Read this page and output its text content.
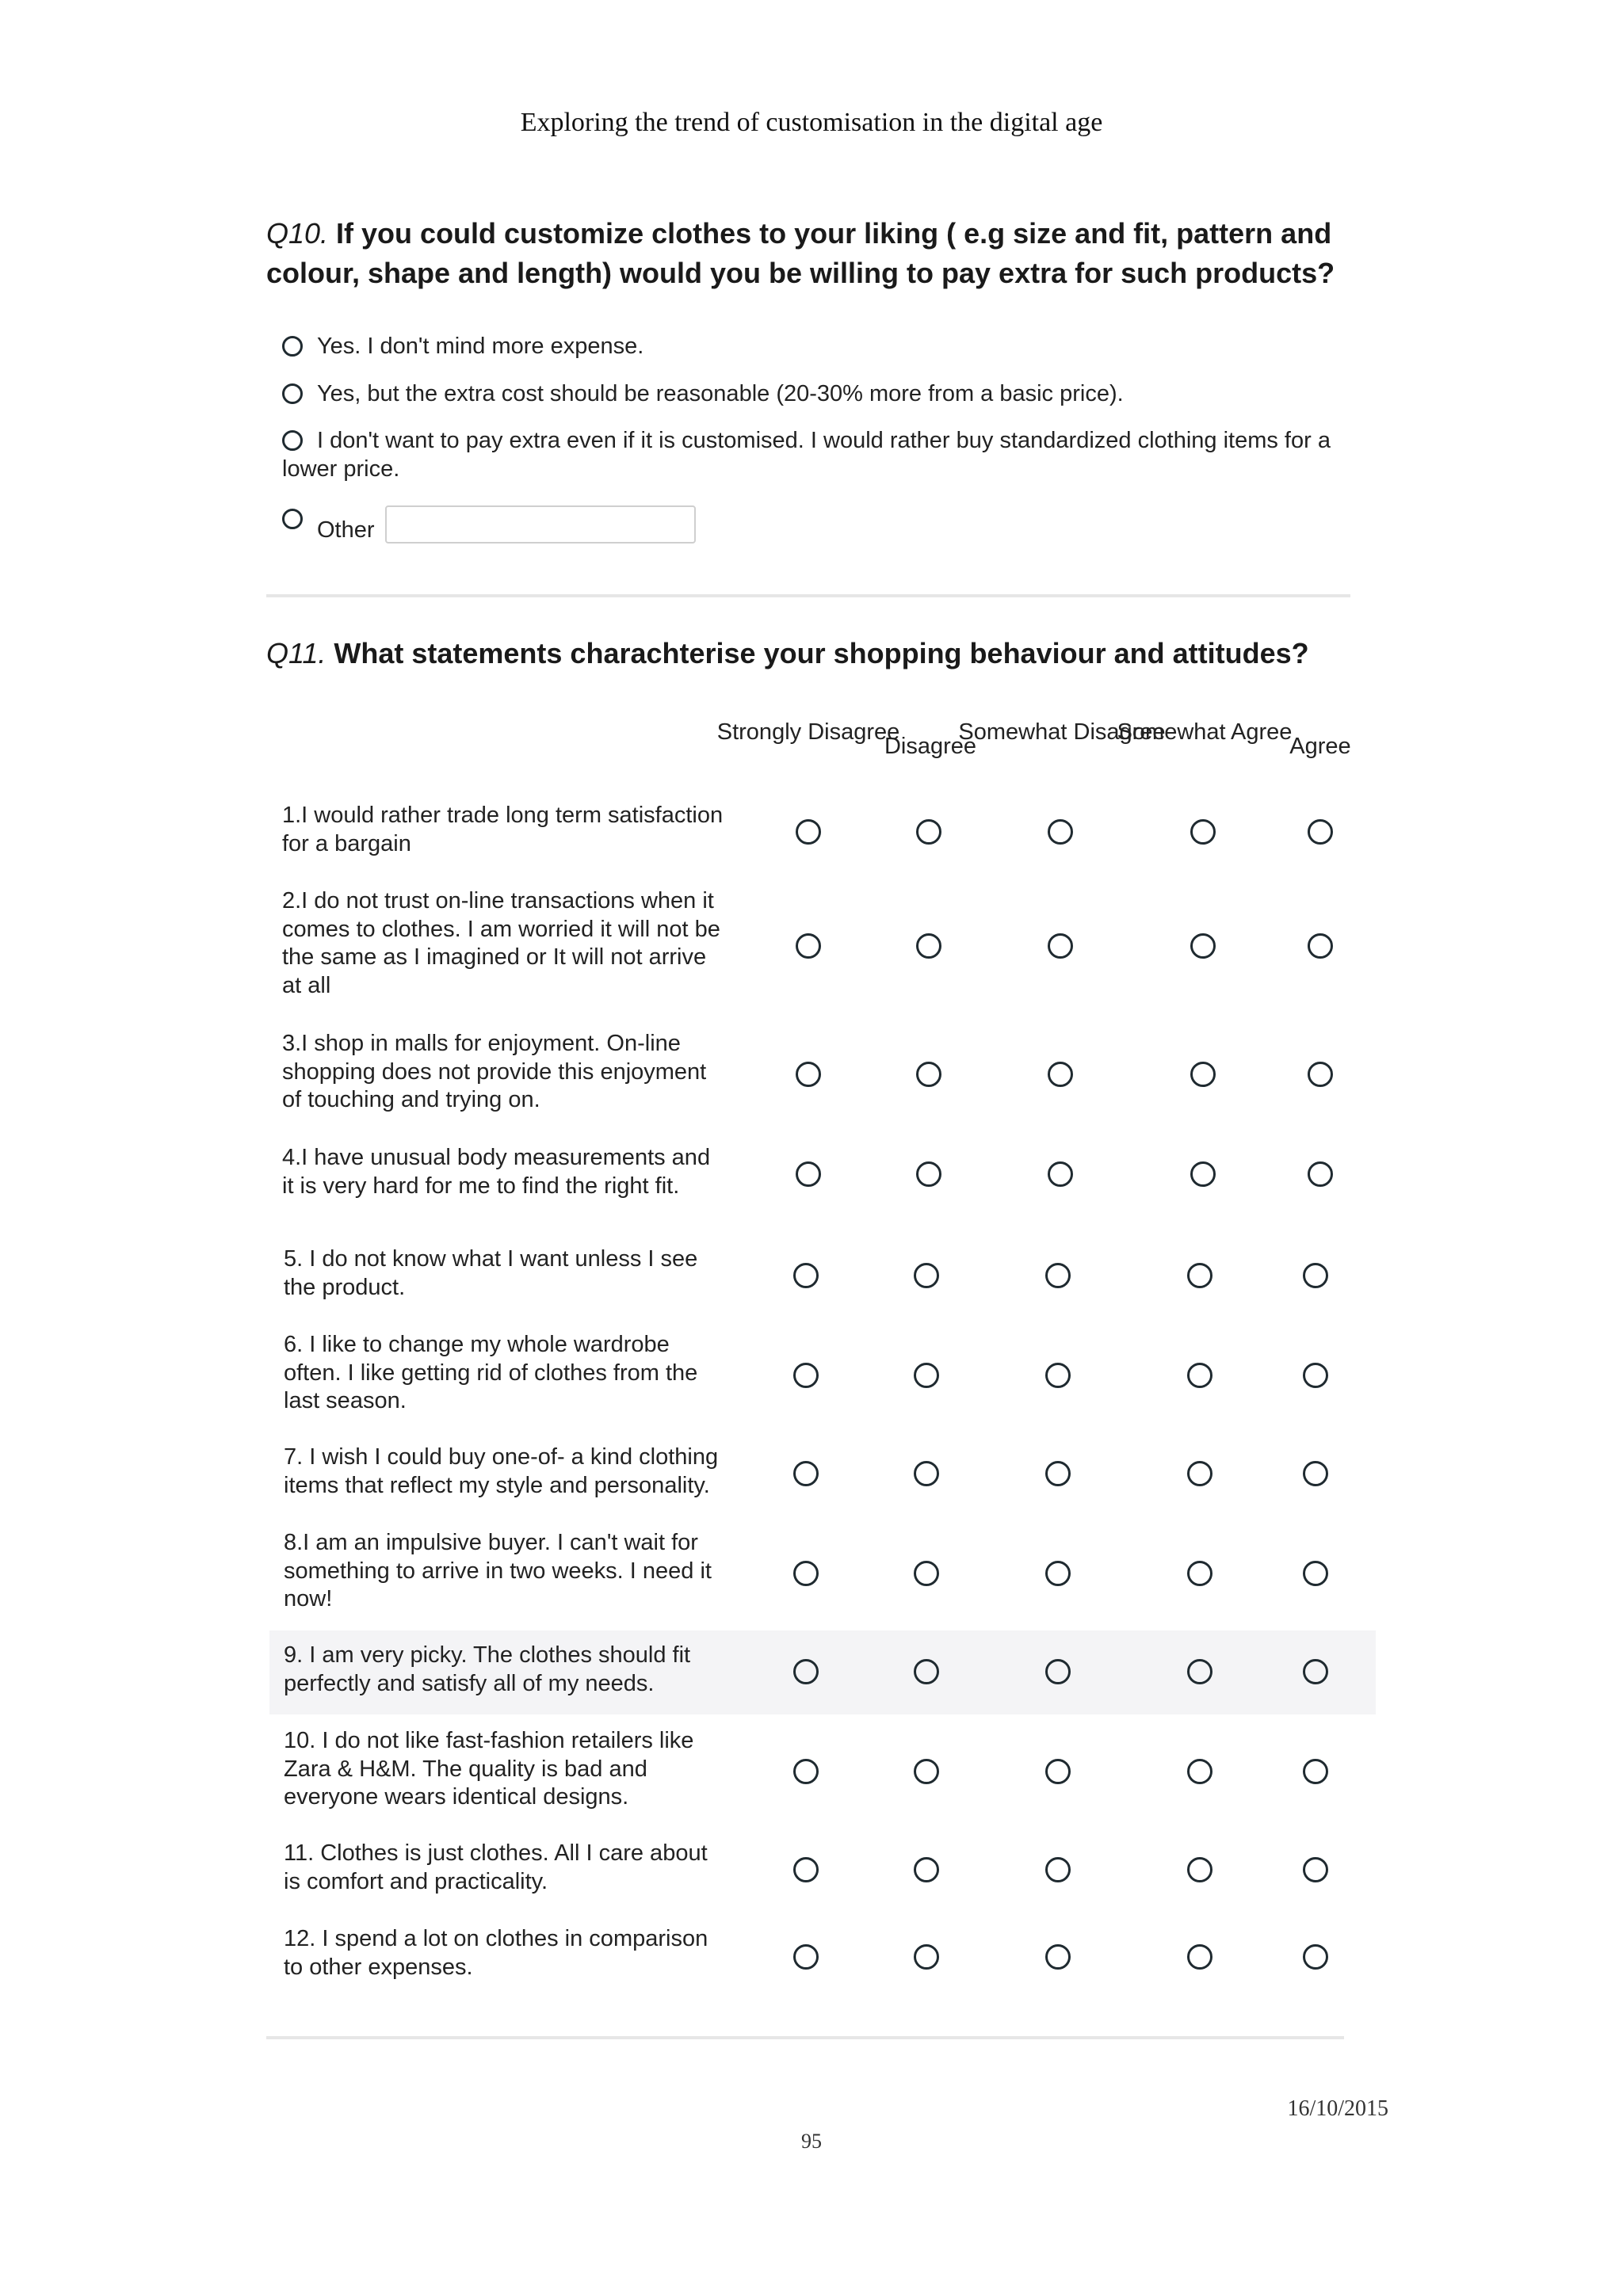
Exploring the trend of customisation in the digital age
Q10. If you could customize clothes to your liking ( e.g size and fit, pattern and colour, shape and length) would you be willing to pay extra for such products?
Yes. I don't mind more expense.
Yes, but the extra cost should be reasonable (20-30% more from a basic price).
I don't want to pay extra even if it is customised. I would rather buy standardized clothing items for a lower price.
Other
Q11. What statements charachterise your shopping behaviour and attitudes?
Strongly Disagree
Disagree
Somewhat Disagree
Somewhat Agree
Agree
1.I would rather trade long term satisfaction for a bargain
2.I do not trust on-line transactions when it comes to clothes. I am worried it will not be the same as I imagined or It will not arrive at all
3.I shop in malls for enjoyment. On-line shopping does not provide this enjoyment of touching and trying on.
4.I have unusual body measurements and it is very hard for me to find the right fit.
5. I do not know what I want unless I see the product.
6. I like to change my whole wardrobe often. I like getting rid of clothes from the last season.
7. I wish I could buy one-of- a kind clothing items that reflect my style and personality.
8.I am an impulsive buyer. I can't wait for something to arrive in two weeks. I need it now!
9. I am very picky. The clothes should fit perfectly and satisfy all of my needs.
10. I do not like fast-fashion retailers like Zara & H&M. The quality is bad and everyone wears identical designs.
11. Clothes is just clothes. All I care about is comfort and practicality.
12. I spend a lot on clothes in comparison to other expenses.
16/10/2015
95
